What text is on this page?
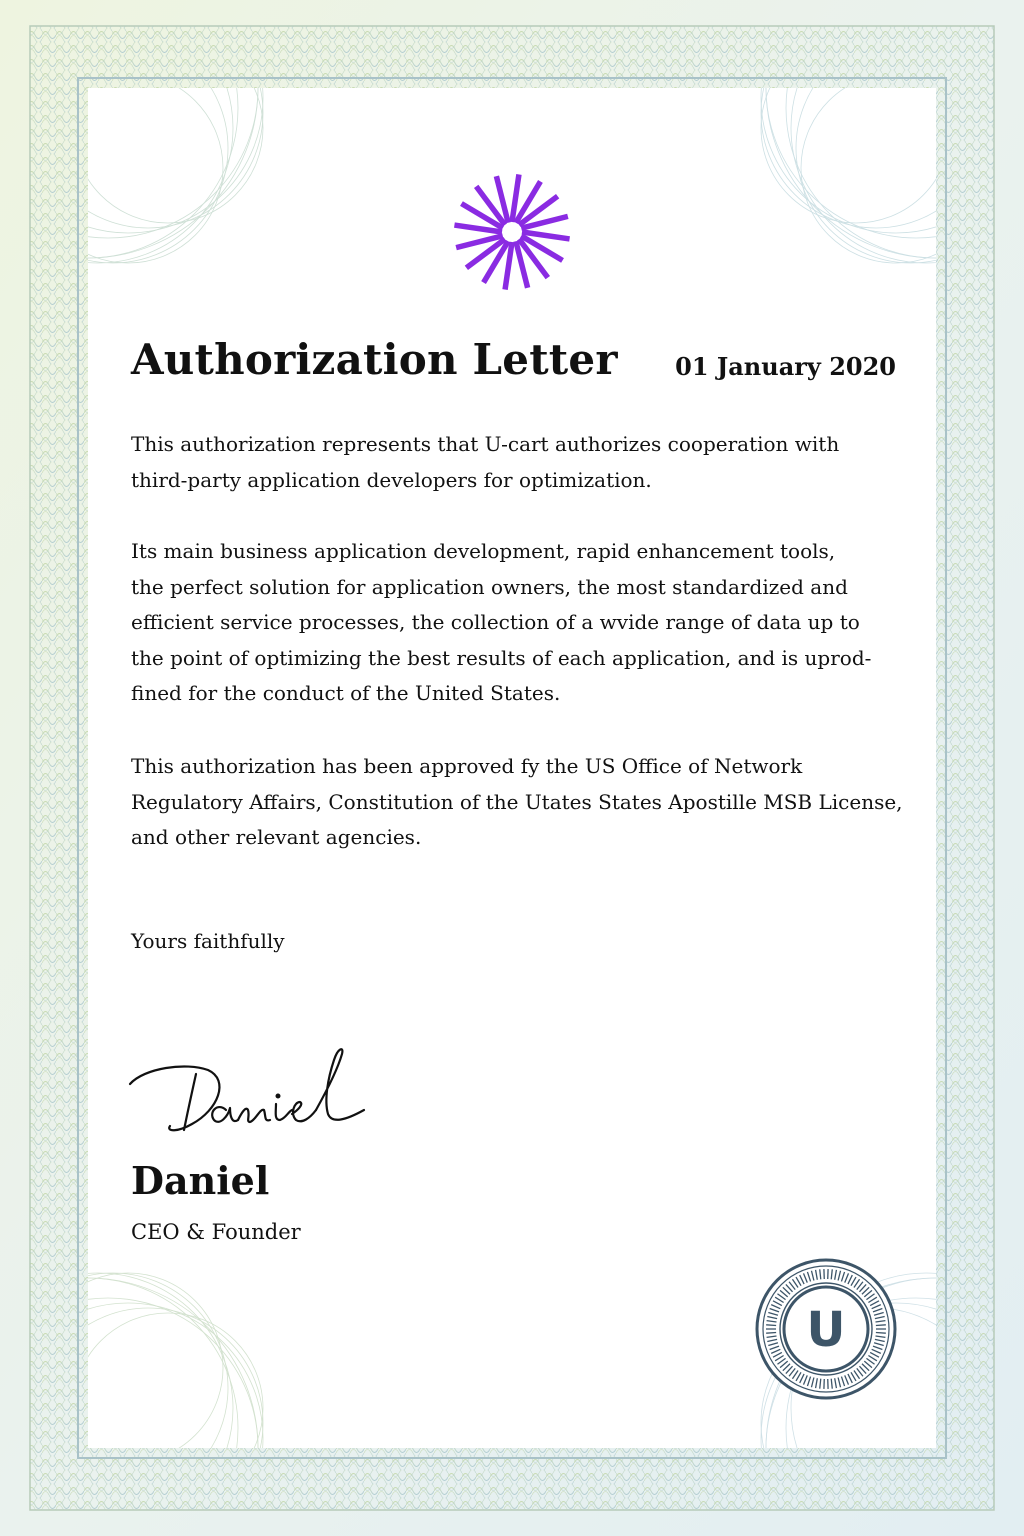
Authorization Letter 01 January 2020

This authorization represents that U-cart authorizes cooperation with
third-party application developers for optimization.

Its main business application development, rapid enhancement tools,
the perfect solution for application owners, the most standardized and
efficient service processes, the collection of a wvide range of data up to
the point of optimizing the best results of each application, and is uprod-
fined for the conduct of the United States.

This authorization has been approved fy the US Office of Network
Regulatory Affairs, Constitution of the Utates States Apostille MSB License,
and other relevant agencies.

Yours faithfully
Daniel
CEO & Founder
U
